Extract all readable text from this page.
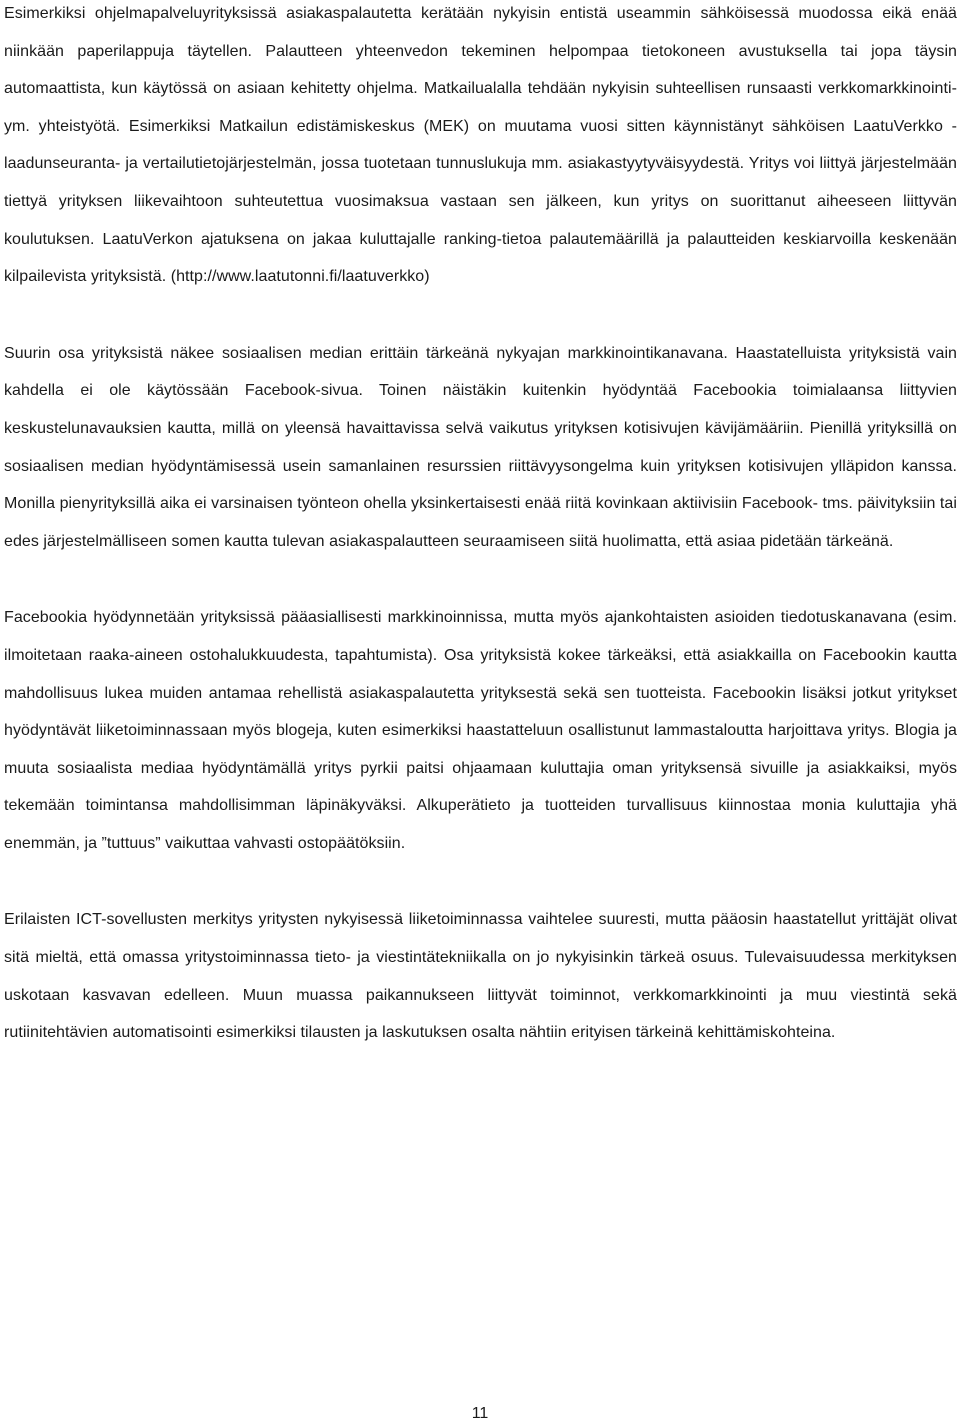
Esimerkiksi ohjelmapalveluyrityksissä asiakaspalautetta kerätään nykyisin entistä useammin sähköisessä muodossa eikä enää niinkään paperilappuja täytellen. Palautteen yhteenvedon tekeminen helpompaa tietokoneen avustuksella tai jopa täysin automaattista, kun käytössä on asiaan kehitetty ohjelma. Matkailualalla tehdään nykyisin suhteellisen runsaasti verkkomarkkinointi- ym. yhteistyötä. Esimerkiksi Matkailun edistämiskeskus (MEK) on muutama vuosi sitten käynnistänyt sähköisen LaatuVerkko -laadunseuranta- ja vertailutietojärjestelmän, jossa tuotetaan tunnuslukuja mm. asiakastyytyväisyydestä. Yritys voi liittyä järjestelmään tiettyä yrityksen liikevaihtoon suhteutettua vuosimaksua vastaan sen jälkeen, kun yritys on suorittanut aiheeseen liittyvän koulutuksen. LaatuVerkon ajatuksena on jakaa kuluttajalle ranking-tietoa palautemäärillä ja palautteiden keskiarvoilla keskenään kilpailevista yrityksistä. (http://www.laatutonni.fi/laatuverkko)

Suurin osa yrityksistä näkee sosiaalisen median erittäin tärkeänä nykyajan markkinointikanavana. Haastatelluista yrityksistä vain kahdella ei ole käytössään Facebook-sivua. Toinen näistäkin kuitenkin hyödyntää Facebookia toimialaansa liittyvien keskustelunavauksien kautta, millä on yleensä havaittavissa selvä vaikutus yrityksen kotisivujen kävijämääriin. Pienillä yrityksillä on sosiaalisen median hyödyntämisessä usein samanlainen resurssien riittävyysongelma kuin yrityksen kotisivujen ylläpidon kanssa. Monilla pienyrityksillä aika ei varsinaisen työnteon ohella yksinkertaisesti enää riitä kovinkaan aktiivisiin Facebook- tms. päivityksiin tai edes järjestelmälliseen somen kautta tulevan asiakaspalautteen seuraamiseen siitä huolimatta, että asiaa pidetään tärkeänä.

Facebookia hyödynnetään yrityksissä pääasiallisesti markkinoinnissa, mutta myös ajankohtaisten asioiden tiedotuskanavana (esim. ilmoitetaan raaka-aineen ostohalukkuudesta, tapahtumista). Osa yrityksistä kokee tärkeäksi, että asiakkailla on Facebookin kautta mahdollisuus lukea muiden antamaa rehellistä asiakaspalautetta yrityksestä sekä sen tuotteista. Facebookin lisäksi jotkut yritykset hyödyntävät liiketoiminnassaan myös blogeja, kuten esimerkiksi haastatteluun osallistunut lammastaloutta harjoittava yritys. Blogia ja muuta sosiaalista mediaa hyödyntämällä yritys pyrkii paitsi ohjaamaan kuluttajia oman yrityksensä sivuille ja asiakkaiksi, myös tekemään toimintansa mahdollisimman läpinäkyväksi. Alkuperätieto ja tuotteiden turvallisuus kiinnostaa monia kuluttajia yhä enemmän, ja ”tuttuus” vaikuttaa vahvasti ostopäätöksiin.

Erilaisten ICT-sovellusten merkitys yritysten nykyisessä liiketoiminnassa vaihtelee suuresti, mutta pääosin haastatellut yrittäjät olivat sitä mieltä, että omassa yritystoiminnassa tieto- ja viestintätekniikalla on jo nykyisinkin tärkeä osuus. Tulevaisuudessa merkityksen uskotaan kasvavan edelleen. Muun muassa paikannukseen liittyvät toiminnot, verkkomarkkinointi ja muu viestintä sekä rutiinitehtävien automatisointi esimerkiksi tilausten ja laskutuksen osalta nähtiin erityisen tärkeinä kehittämiskohteina.

11
